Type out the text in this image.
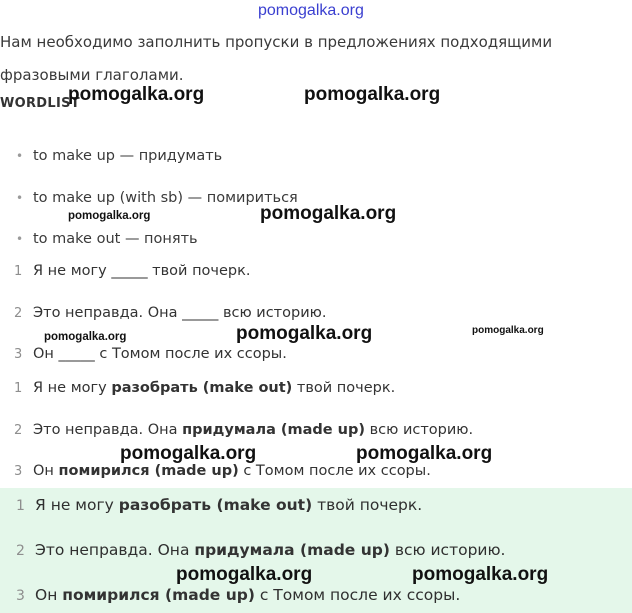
pomogalka.org
Нам необходимо заполнить пропуски в предложениях подходящими
фразовыми глаголами.
WORDLIST
• to make up — придумать
• to make up (with sb) — помириться
• to make out — понять
1 Я не могу _____ твой почерк.
2 Это неправда. Она _____ всю историю.
3 Он _____ с Томом после их ссоры.
1 Я не могу разобрать (make out) твой почерк.
2 Это неправда. Она придумала (made up) всю историю.
3 Он помирился (made up) с Томом после их ссоры.
1 Я не могу разобрать (make out) твой почерк.
2 Это неправда. Она придумала (made up) всю историю.
3 Он помирился (made up) с Томом после их ссоры.
pomogalka.org	pomogalka.org
pomogalka.org	pomogalka.org
pomogalka.org	pomogalka.org	pomogalka.org
pomogalka.org	pomogalka.org
pomogalka.org	pomogalka.org
